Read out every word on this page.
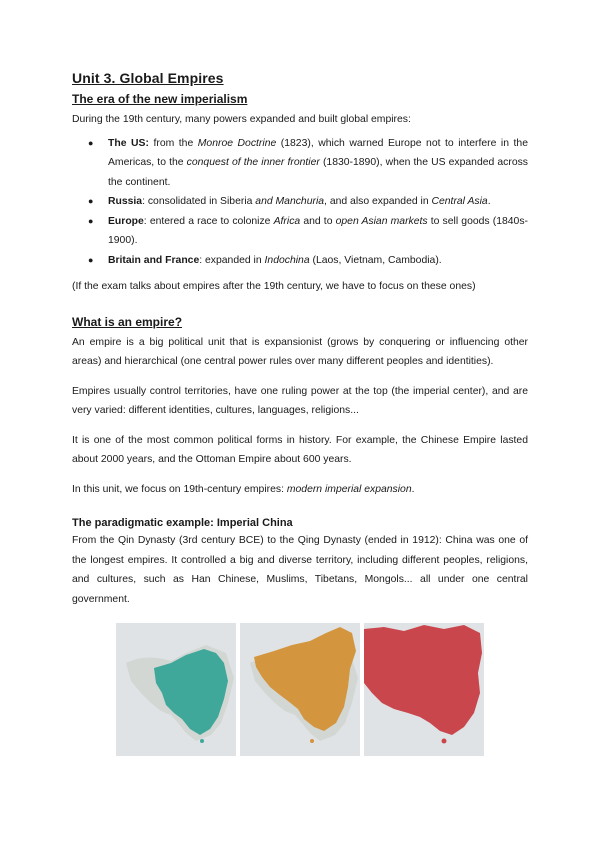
Unit 3. Global Empires
The era of the new imperialism

During the 19th century, many powers expanded and built global empires:

● The US: from the Monroe Doctrine (1823), which warned Europe not to interfere in the Americas, to the conquest of the inner frontier (1830-1890), when the US expanded across the continent.
● Russia: consolidated in Siberia and Manchuria, and also expanded in Central Asia.
● Europe: entered a race to colonize Africa and to open Asian markets to sell goods (1840s-1900).
● Britain and France: expanded in Indochina (Laos, Vietnam, Cambodia).

(If the exam talks about empires after the 19th century, we have to focus on these ones)

What is an empire?

An empire is a big political unit that is expansionist (grows by conquering or influencing other areas) and hierarchical (one central power rules over many different peoples and identities).

Empires usually control territories, have one ruling power at the top (the imperial center), and are very varied: different identities, cultures, languages, religions...

It is one of the most common political forms in history. For example, the Chinese Empire lasted about 2000 years, and the Ottoman Empire about 600 years.

In this unit, we focus on 19th-century empires: modern imperial expansion.

The paradigmatic example: Imperial China

From the Qin Dynasty (3rd century BCE) to the Qing Dynasty (ended in 1912): China was one of the longest empires. It controlled a big and diverse territory, including different peoples, religions, and cultures, such as Han Chinese, Muslims, Tibetans, Mongols... all under one central government.
